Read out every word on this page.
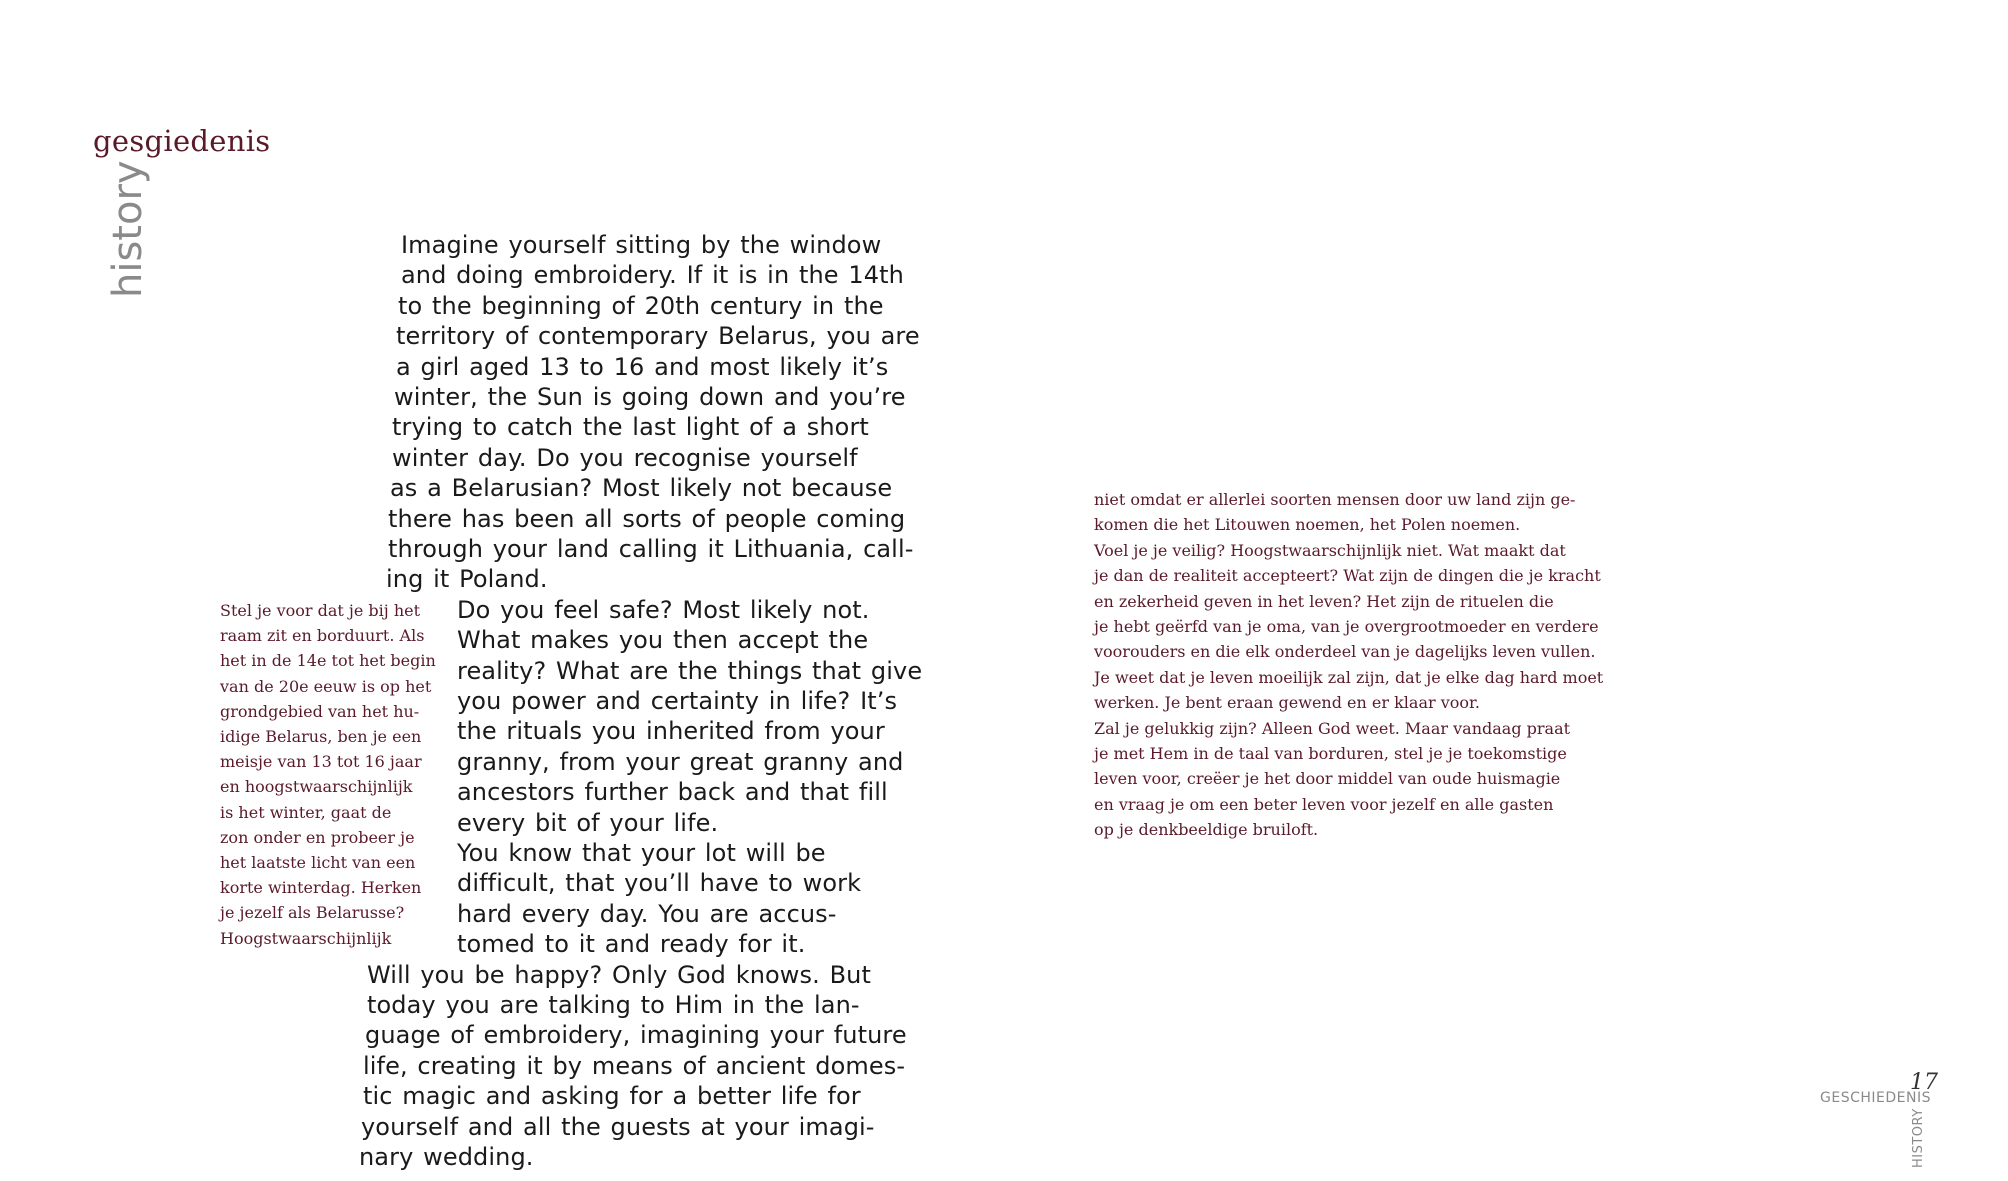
gesgiedenis
history	Imagine yourself sitting by the window
and doing embroidery. If it is in the 14th
to the beginning of 20th century in the
territory of contemporary Belarus, you are
a girl aged 13 to 16 and most likely it’s
winter, the Sun is going down and you’re
trying to catch the last light of a short
winter day. Do you recognise yourself
as a Belarusian? Most likely not because
there has been all sorts of people coming
through your land calling it Lithuania, call-
ing it Poland.
Do you feel safe? Most likely not.
What makes you then accept the
reality? What are the things that give
you power and certainty in life? It’s
the rituals you inherited from your
granny, from your great granny and
ancestors further back and that fill
every bit of your life.
You know that your lot will be
difficult, that you’ll have to work
hard every day. You are accus-
tomed to it and ready for it.
Will you be happy? Only God knows. But
today you are talking to Him in the lan-
guage of embroidery, imagining your future
life, creating it by means of ancient domes-
tic magic and asking for a better life for
yourself and all the guests at your imagi-
nary wedding.
Stel je voor dat je bij het
raam zit en borduurt. Als
het in de 14e tot het begin
van de 20e eeuw is op het
grondgebied van het hu-
idige Belarus, ben je een
meisje van 13 tot 16 jaar
en hoogstwaarschijnlijk
is het winter, gaat de
zon onder en probeer je
het laatste licht van een
korte winterdag. Herken
je jezelf als Belarusse?
Hoogstwaarschijnlijk
niet omdat er allerlei soorten mensen door uw land zijn ge-
komen die het Litouwen noemen, het Polen noemen.
Voel je je veilig? Hoogstwaarschijnlijk niet. Wat maakt dat
je dan de realiteit accepteert? Wat zijn de dingen die je kracht
en zekerheid geven in het leven? Het zijn de rituelen die
je hebt geërfd van je oma, van je overgrootmoeder en verdere
voorouders en die elk onderdeel van je dagelijks leven vullen.
Je weet dat je leven moeilijk zal zijn, dat je elke dag hard moet
werken. Je bent eraan gewend en er klaar voor.
Zal je gelukkig zijn? Alleen God weet. Maar vandaag praat
je met Hem in de taal van borduren, stel je je toekomstige
leven voor, creëer je het door middel van oude huismagie
en vraag je om een beter leven voor jezelf en alle gasten
op je denkbeeldige bruiloft.
GESCHIEDENIS
HISTORY
17
